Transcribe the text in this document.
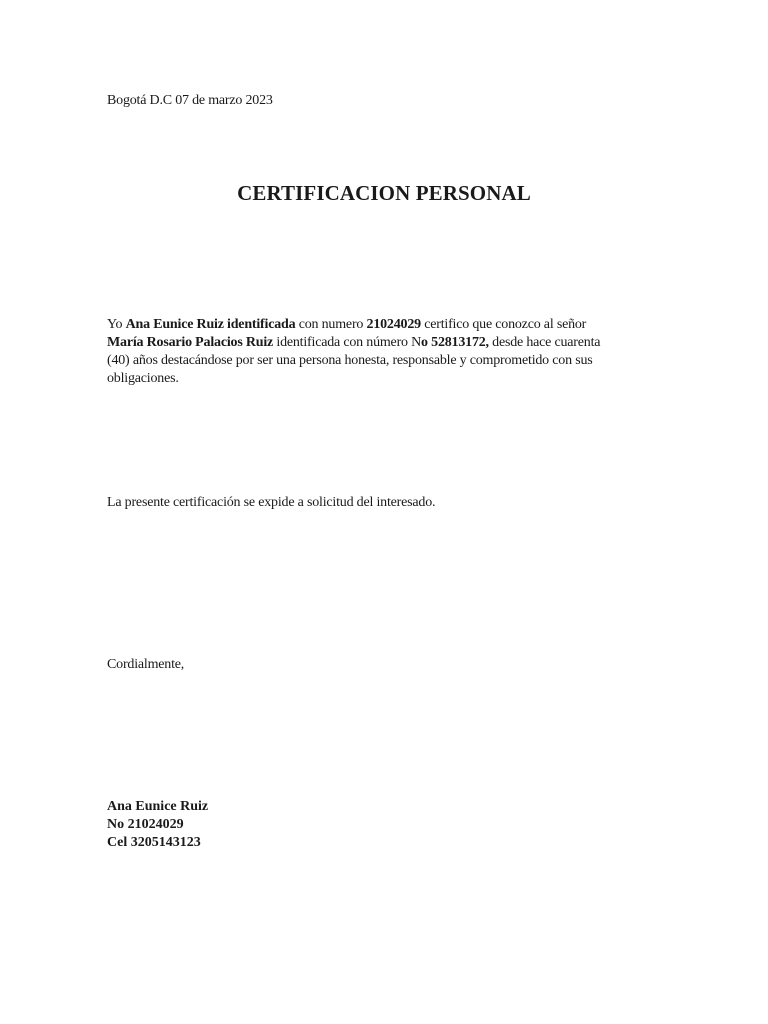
Bogotá D.C 07 de marzo 2023
CERTIFICACION PERSONAL
Yo Ana Eunice Ruiz identificada con numero 21024029 certifico que conozco al señor
María Rosario Palacios Ruiz identificada con número No 52813172, desde hace cuarenta
(40) años destacándose por ser una persona honesta, responsable y comprometido con sus
obligaciones.
La presente certificación se expide a solicitud del interesado.
Cordialmente,
Ana Eunice Ruiz
No 21024029
Cel 3205143123
